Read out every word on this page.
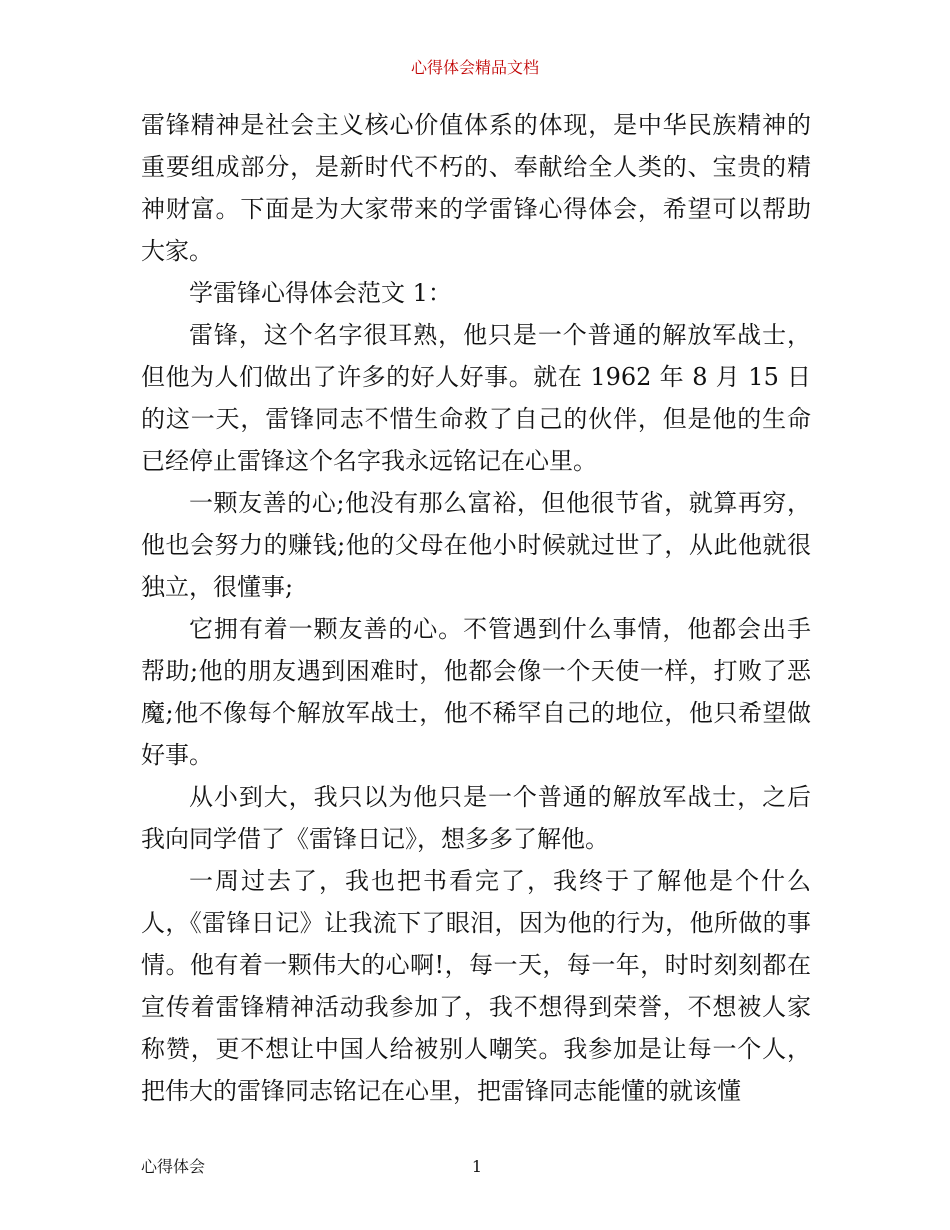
心得体会精品文档

雷锋精神是社会主义核心价值体系的体现，是中华民族精神的重要组成部分，是新时代不朽的、奉献给全人类的、宝贵的精神财富。下面是为大家带来的学雷锋心得体会，希望可以帮助大家。

学雷锋心得体会范文 1：

雷锋，这个名字很耳熟，他只是一个普通的解放军战士，但他为人们做出了许多的好人好事。就在 1962 年 8 月 15 日的这一天，雷锋同志不惜生命救了自己的伙伴，但是他的生命已经停止雷锋这个名字我永远铭记在心里。

一颗友善的心;他没有那么富裕，但他很节省，就算再穷，他也会努力的赚钱;他的父母在他小时候就过世了，从此他就很独立，很懂事;

它拥有着一颗友善的心。不管遇到什么事情，他都会出手帮助;他的朋友遇到困难时，他都会像一个天使一样，打败了恶魔;他不像每个解放军战士，他不稀罕自己的地位，他只希望做好事。

从小到大，我只以为他只是一个普通的解放军战士，之后我向同学借了《雷锋日记》，想多多了解他。

一周过去了，我也把书看完了，我终于了解他是个什么人，《雷锋日记》让我流下了眼泪，因为他的行为，他所做的事情。他有着一颗伟大的心啊!，每一天，每一年，时时刻刻都在宣传着雷锋精神活动我参加了，我不想得到荣誉，不想被人家称赞，更不想让中国人给被别人嘲笑。我参加是让每一个人，把伟大的雷锋同志铭记在心里，把雷锋同志能懂的就该懂

心得体会	1
